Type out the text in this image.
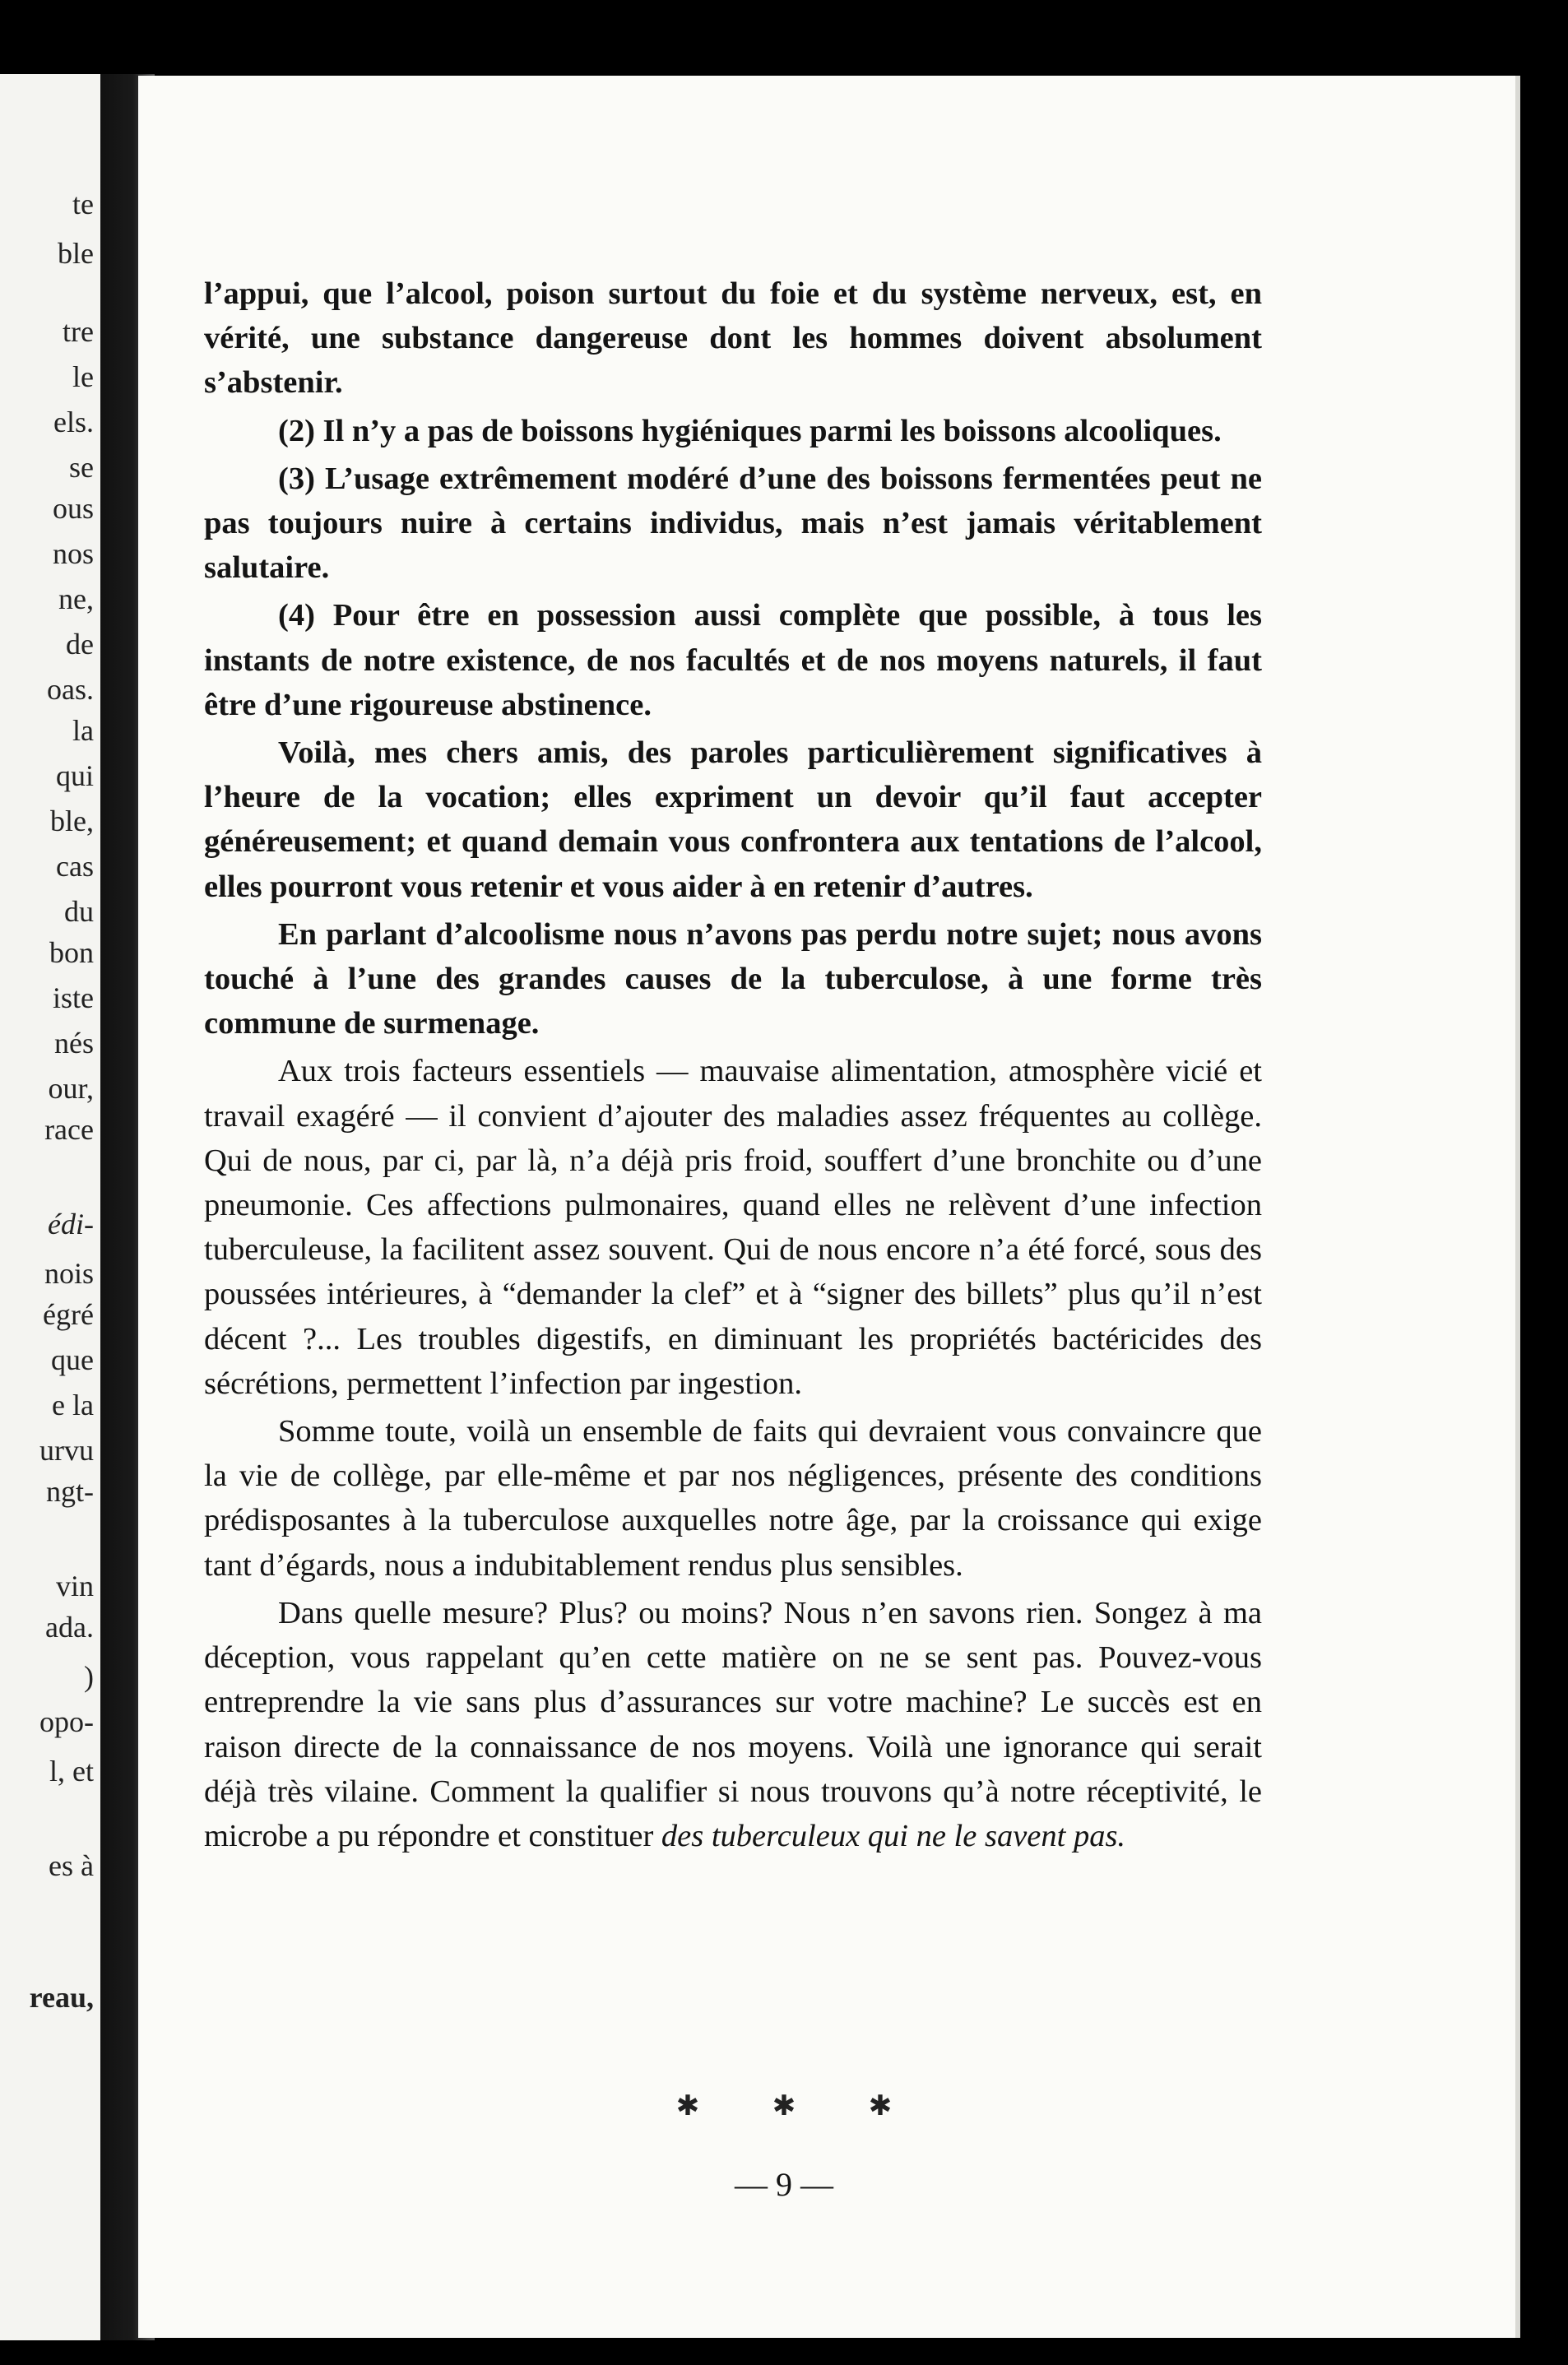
te
ble
tre
le
els.
se
ous
nos
ne,
de
oas.
la
qui
ble,
cas
du
bon
iste
nés
our,
race
édi-
nois
égré
que
e la
urvu
ngt-
vin
ada.
)
opo-
l, et
es à
reau,

l’appui, que l’alcool, poison surtout du foie et du système nerveux, est, en vérité, une substance dangereuse dont les hommes doivent absolument s’abstenir.

(2) Il n’y a pas de boissons hygiéniques parmi les boissons alcooliques.

(3) L’usage extrêmement modéré d’une des boissons fermentées peut ne pas toujours nuire à certains individus, mais n’est jamais véritablement salutaire.

(4) Pour être en possession aussi complète que possible, à tous les instants de notre existence, de nos facultés et de nos moyens naturels, il faut être d’une rigoureuse abstinence.

Voilà, mes chers amis, des paroles particulièrement significatives à l’heure de la vocation; elles expriment un devoir qu’il faut accepter généreusement; et quand demain vous confrontera aux tentations de l’alcool, elles pourront vous retenir et vous aider à en retenir d’autres.

En parlant d’alcoolisme nous n’avons pas perdu notre sujet; nous avons touché à l’une des grandes causes de la tuberculose, à une forme très commune de surmenage.

Aux trois facteurs essentiels — mauvaise alimentation, atmosphère vicié et travail exagéré — il convient d’ajouter des maladies assez fréquentes au collège. Qui de nous, par ci, par là, n’a déjà pris froid, souffert d’une bronchite ou d’une pneumonie. Ces affections pulmonaires, quand elles ne relèvent d’une infection tuberculeuse, la facilitent assez souvent. Qui de nous encore n’a été forcé, sous des poussées intérieures, à “demander la clef” et à “signer des billets” plus qu’il n’est décent ?... Les troubles digestifs, en diminuant les propriétés bactéricides des sécrétions, permettent l’infection par ingestion.

Somme toute, voilà un ensemble de faits qui devraient vous convaincre que la vie de collège, par elle-même et par nos négligences, présente des conditions prédisposantes à la tuberculose auxquelles notre âge, par la croissance qui exige tant d’égards, nous a indubitablement rendus plus sensibles.

Dans quelle mesure? Plus? ou moins? Nous n’en savons rien. Songez à ma déception, vous rappelant qu’en cette matière on ne se sent pas. Pouvez-vous entreprendre la vie sans plus d’assurances sur votre machine? Le succès est en raison directe de la connaissance de nos moyens. Voilà une ignorance qui serait déjà très vilaine. Comment la qualifier si nous trouvons qu’à notre réceptivité, le microbe a pu répondre et constituer des tuberculeux qui ne le savent pas.

✱ ✱ ✱
— 9 —
